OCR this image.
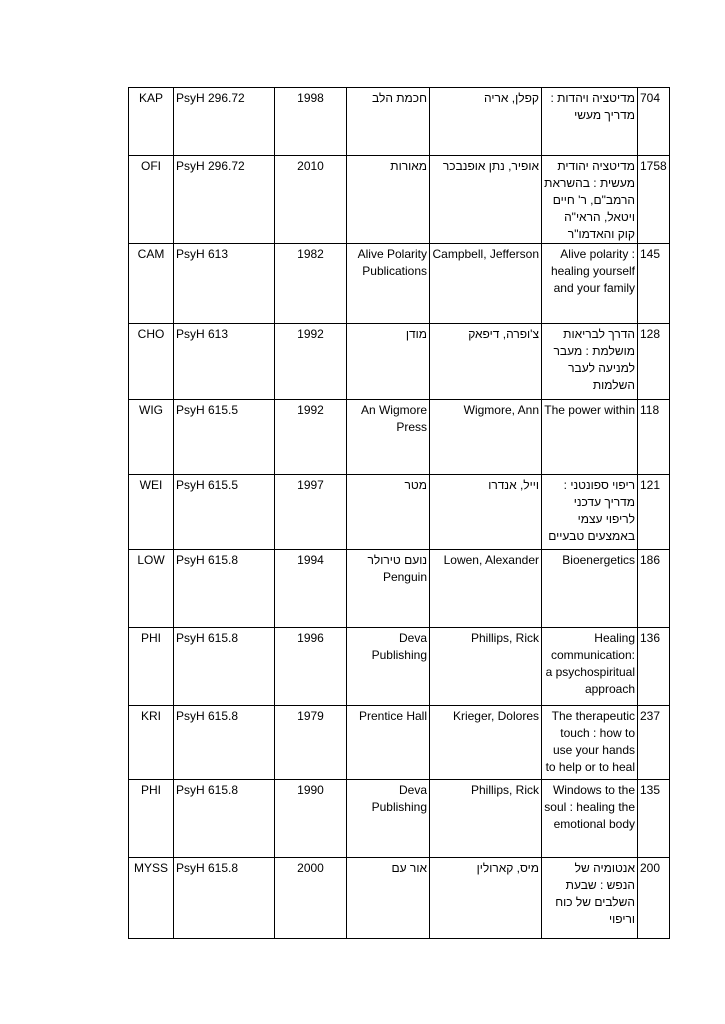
KAP	PsyH 296.72	1998	חכמת הלב	קפלן, אריה	מדיטציה ויהדות : מדריך מעשי	704

OFI	PsyH 296.72	2010	מאורות	אופיר, נתן אופנבכר	מדיטציה יהודית מעשית : בהשראת הרמב"ם, ר' חיים ויטאל, הראי"ה קוק והאדמו"ר	1758

CAM	PsyH 613	1982	Alive Polarity Publications	Campbell, Jefferson	Alive polarity : healing yourself and your family	145

CHO	PsyH 613	1992	מודן	צ'ופרה, דיפאק	הדרך לבריאות מושלמת : מעבר למניעה לעבר השלמות	128

WIG	PsyH 615.5	1992	An Wigmore Press	Wigmore, Ann	The power within	118

WEI	PsyH 615.5	1997	מטר	וייל, אנדרו	ריפוי ספונטני : מדריך עדכני לריפוי עצמי באמצעים טבעיים	121

LOW	PsyH 615.8	1994	נועם טירולר Penguin	Lowen, Alexander	Bioenergetics	186

PHI	PsyH 615.8	1996	Deva Publishing	Phillips, Rick	Healing communication: a psychospiritual approach	136

KRI	PsyH 615.8	1979	Prentice Hall	Krieger, Dolores	The therapeutic touch : how to use your hands to help or to heal	237

PHI	PsyH 615.8	1990	Deva Publishing	Phillips, Rick	Windows to the soul : healing the emotional body	135

MYSS	PsyH 615.8	2000	אור עם	מיס, קארולין	אנטומיה של הנפש : שבעת השלבים של כוח וריפוי	200
